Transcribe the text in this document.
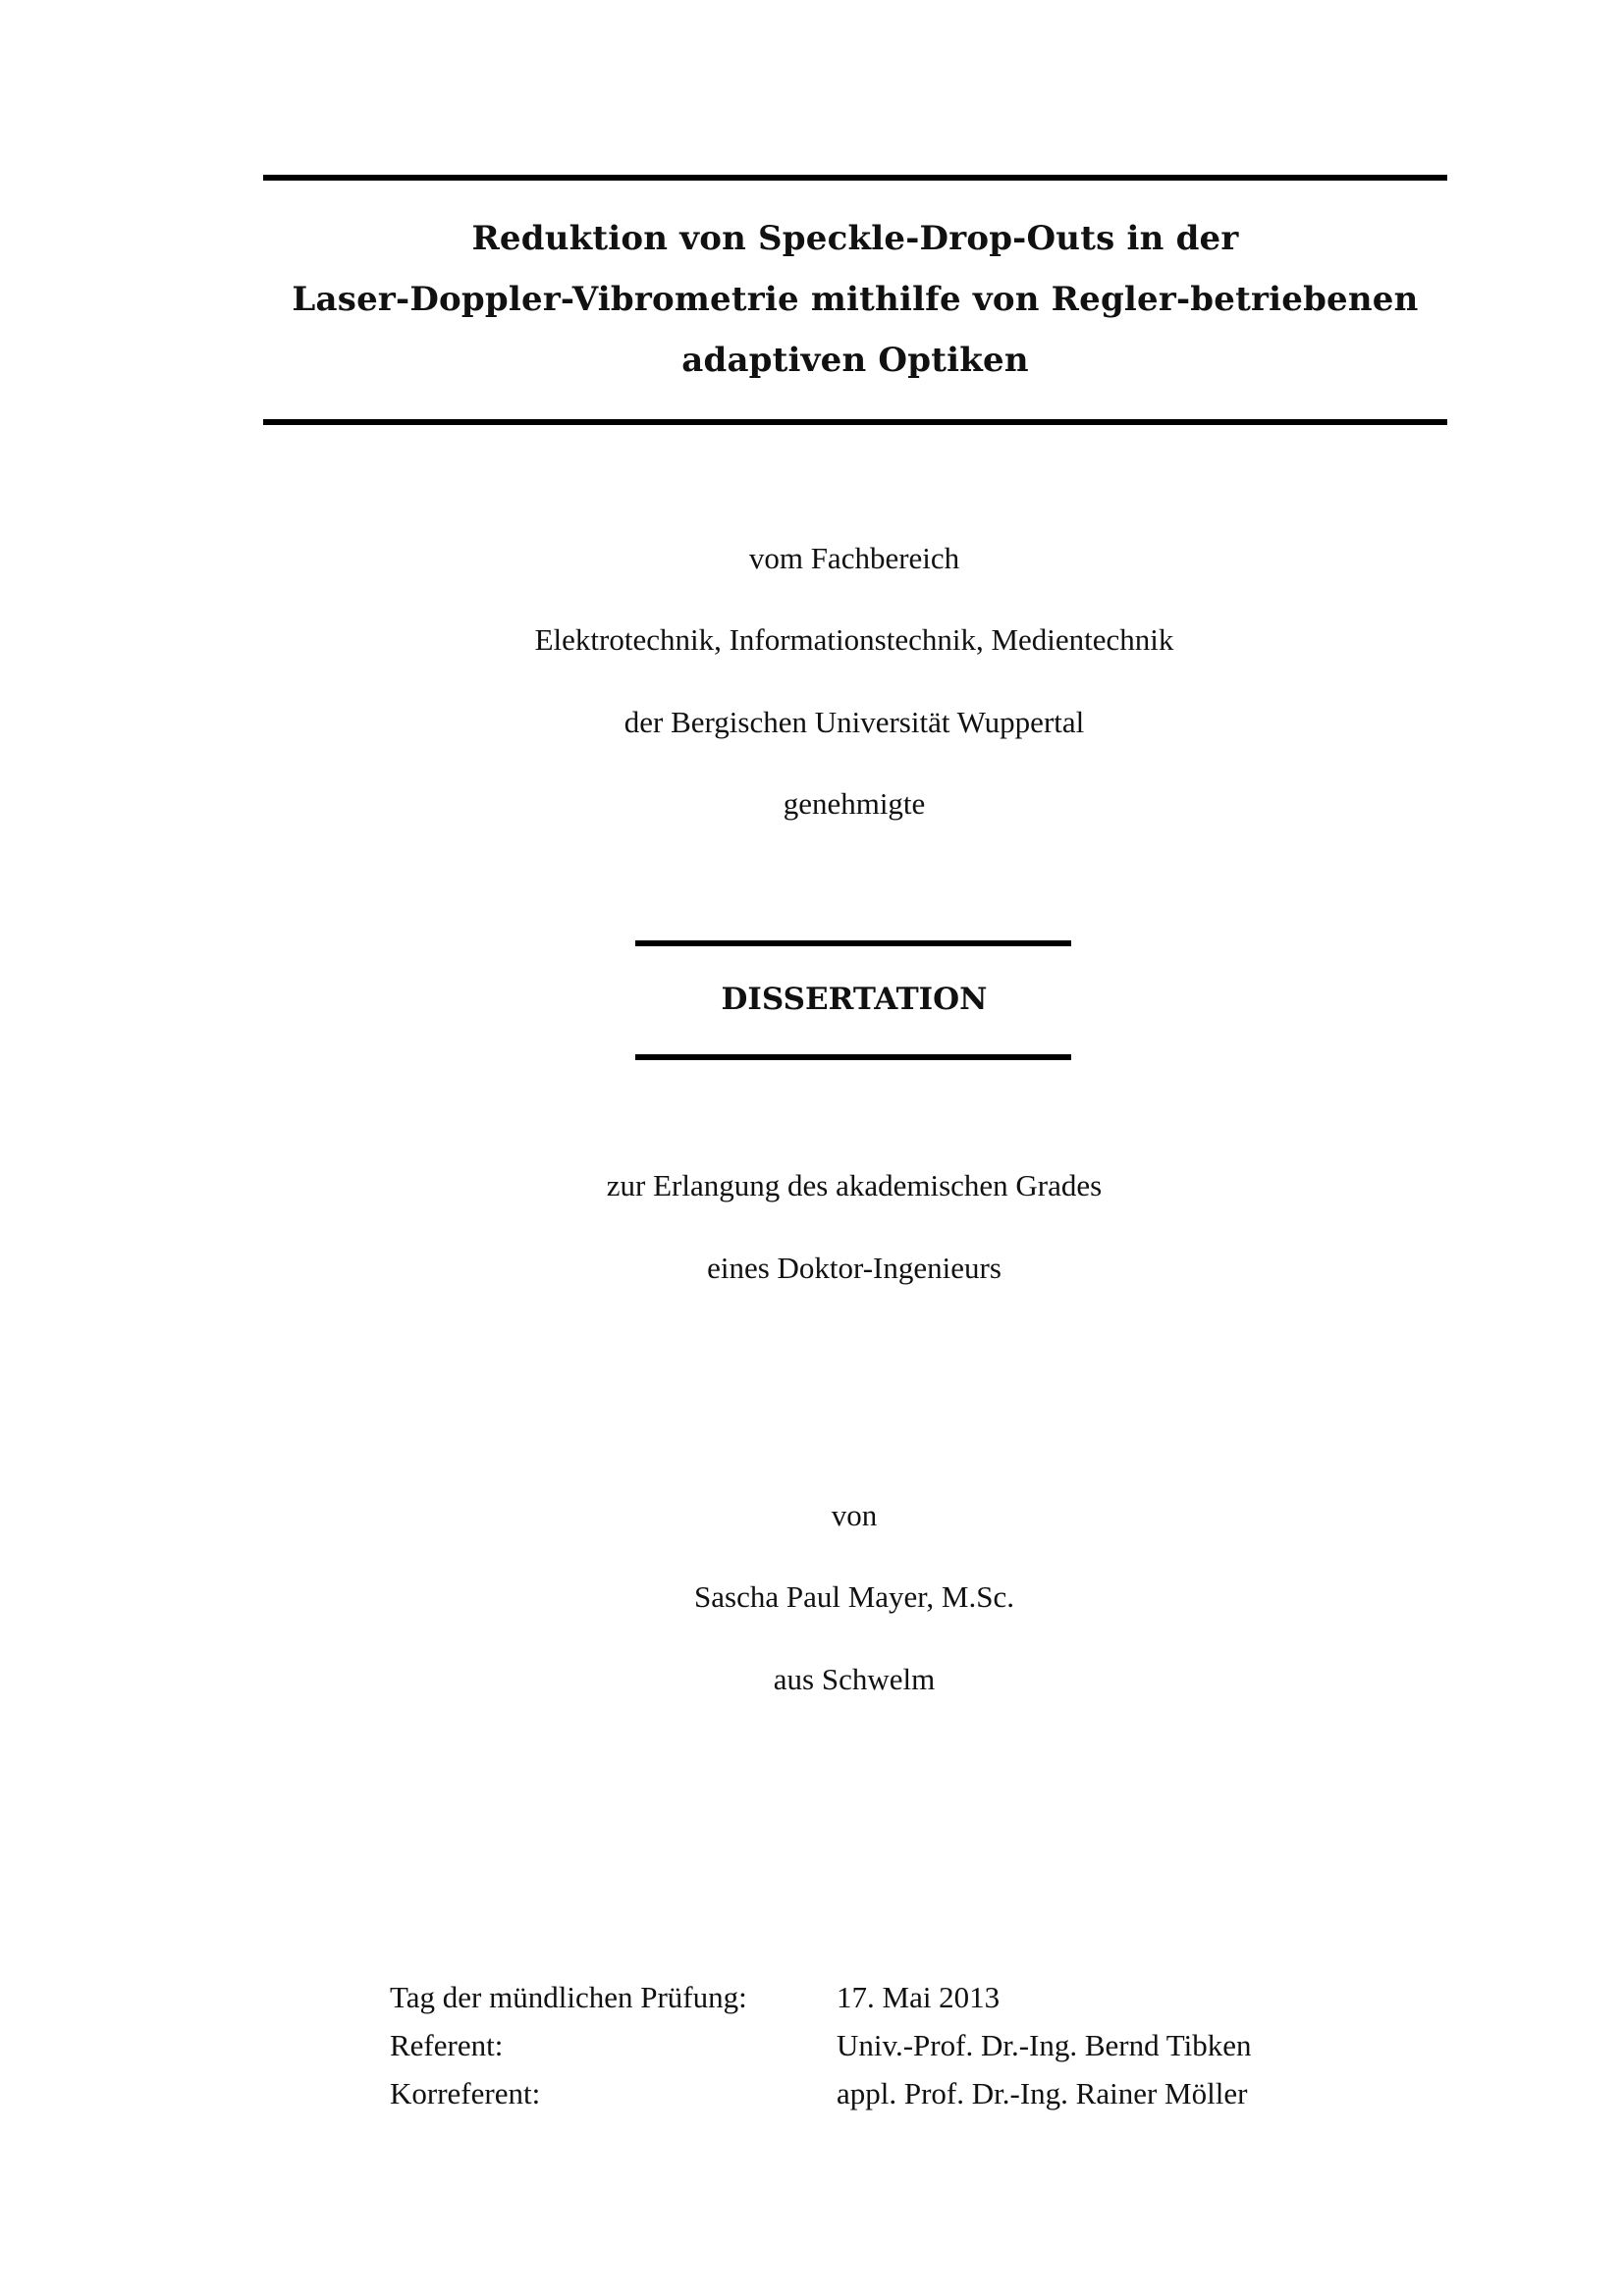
Reduktion von Speckle-Drop-Outs in der
Laser-Doppler-Vibrometrie mithilfe von Regler-betriebenen
adaptiven Optiken
vom Fachbereich
Elektrotechnik, Informationstechnik, Medientechnik
der Bergischen Universität Wuppertal
genehmigte
DISSERTATION
zur Erlangung des akademischen Grades
eines Doktor-Ingenieurs
von
Sascha Paul Mayer, M.Sc.
aus Schwelm
Tag der mündlichen Prüfung:	17. Mai 2013
Referent:	Univ.-Prof. Dr.-Ing. Bernd Tibken
Korreferent:	appl. Prof. Dr.-Ing. Rainer Möller
